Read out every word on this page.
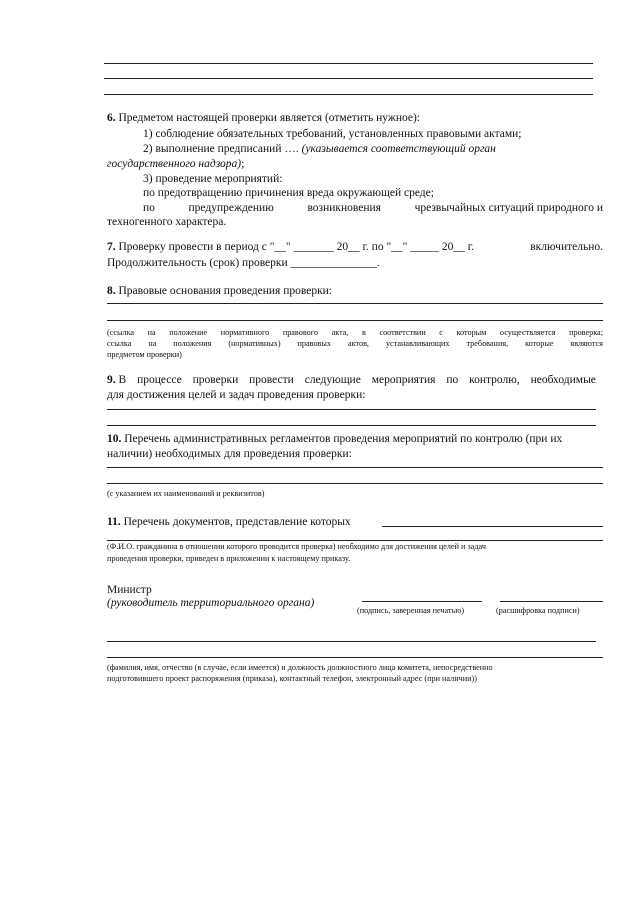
6. Предметом настоящей проверки является (отметить нужное):
1) соблюдение обязательных требований, установленных правовыми актами;
2) выполнение предписаний …. (указывается соответствующий орган
государственного надзора);
3) проведение мероприятий:
по предотвращению причинения вреда окружающей среде;
по	предупреждению	возникновения	чрезвычайных ситуаций природного и
техногенного характера.
7. Проверку провести в период с "__" _______ 20__ г. по "__" _____ 20__ г.	включительно.
Продолжительность (срок) проверки _______________.
8. Правовые основания проведения проверки:
(ссылка на положение нормативного правового акта, в соответствии с которым осуществляется проверка;
ссылка на положения (нормативных) правовых актов, устанавливающих требования, которые являются
предметом проверки)
9. В процессе проверки провести следующие мероприятия по контролю, необходимые
для достижения целей и задач проведения проверки:
10. Перечень административных регламентов проведения мероприятий по контролю (при их
наличии) необходимых для проведения проверки:
(с указанием их наименований и реквизитов)
11. Перечень документов, представление которых
(Ф.И.О. гражданина в отношении которого проводится проверка) необходимо для достижения целей и задач
проведения проверки, приведен в приложении к настоящему приказу.
Министр
(руководитель территориального органа)
(подпись, заверенная печатью)	(расшифровка подписи)
(фамилия, имя, отчество (в случае, если имеется) и должность должностного лица комитета, непосредственно
подготовившего проект распоряжения (приказа), контактный телефон, электронный адрес (при наличии))
